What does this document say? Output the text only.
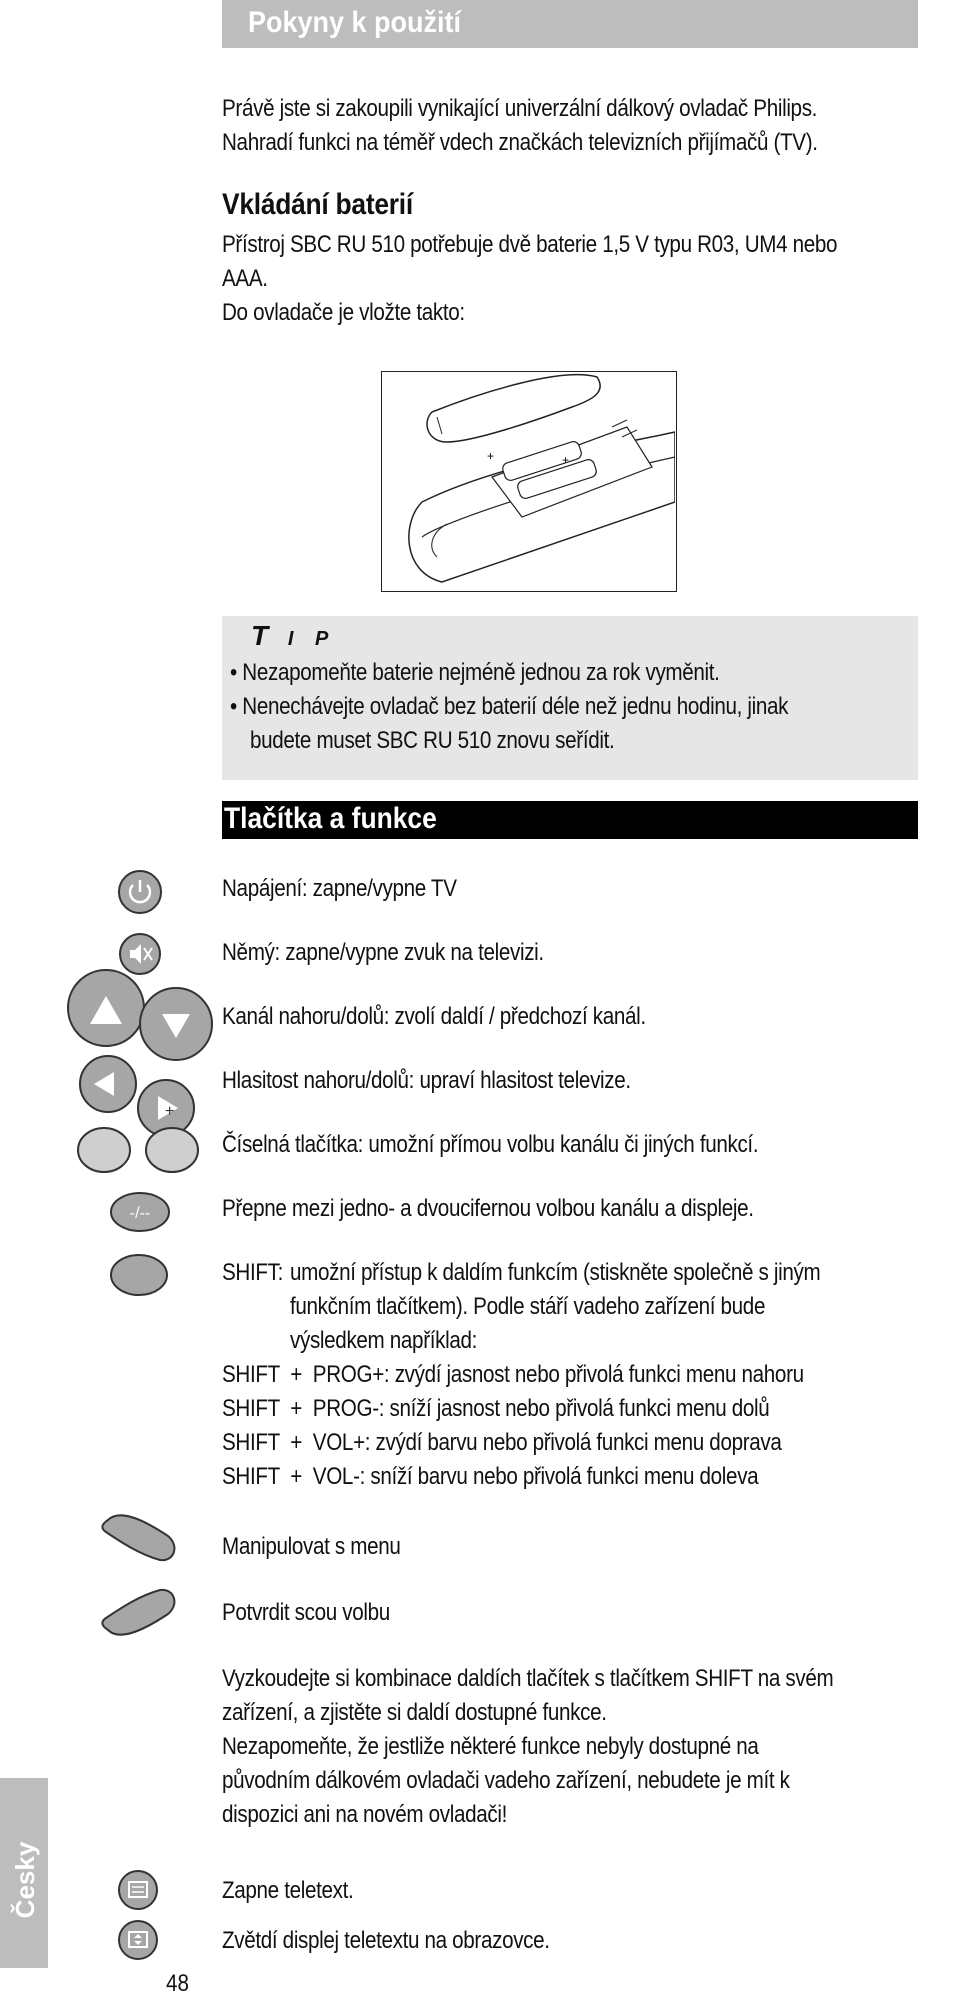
Pokyny k použití
Právě jste si zakoupili vynikající univerzální dálkový ovladač Philips.
Nahradí funkci na téměř vdech značkách televizních přijímačů (TV).
Vkládání baterií
Přístroj SBC RU 510 potřebuje dvě baterie 1,5 V typu R03, UM4 nebo
AAA.
Do ovladače je vložte takto:
+	+
T I P
• Nezapomeňte baterie nejméně jednou za rok vyměnit.
• Nenechávejte ovladač bez baterií déle než jednu hodinu, jinak
budete muset SBC RU 510 znovu seřídit.
Tlačítka a funkce
+
-/--
Napájení: zapne/vypne TV
Němý: zapne/vypne zvuk na televizi.
Kanál nahoru/dolů: zvolí daldí / předchozí kanál.
Hlasitost nahoru/dolů: upraví hlasitost televize.
Číselná tlačítka: umožní přímou volbu kanálu či jiných funkcí.
Přepne mezi jedno- a dvoucifernou volbou kanálu a displeje.
SHIFT: umožní přístup k daldím funkcím (stiskněte společně s jiným
funkčním tlačítkem). Podle stáří vadeho zařízení bude
výsledkem například:
SHIFT  +  PROG+: zvýdí jasnost nebo přivolá funkci menu nahoru
SHIFT  +  PROG-: sníží jasnost nebo přivolá funkci menu dolů
SHIFT  +  VOL+: zvýdí barvu nebo přivolá funkci menu doprava
SHIFT  +  VOL-: sníží barvu nebo přivolá funkci menu doleva
Manipulovat s menu
Potvrdit scou volbu
Vyzkoudejte si kombinace daldích tlačítek s tlačítkem SHIFT na svém
zařízení, a zjistěte si daldí dostupné funkce.
Nezapomeňte, že jestliže některé funkce nebyly dostupné na
původním dálkovém ovladači vadeho zařízení, nebudete je mít k
dispozici ani na novém ovladači!
Zapne teletext.
Zvětdí displej teletextu na obrazovce.
Česky
48
